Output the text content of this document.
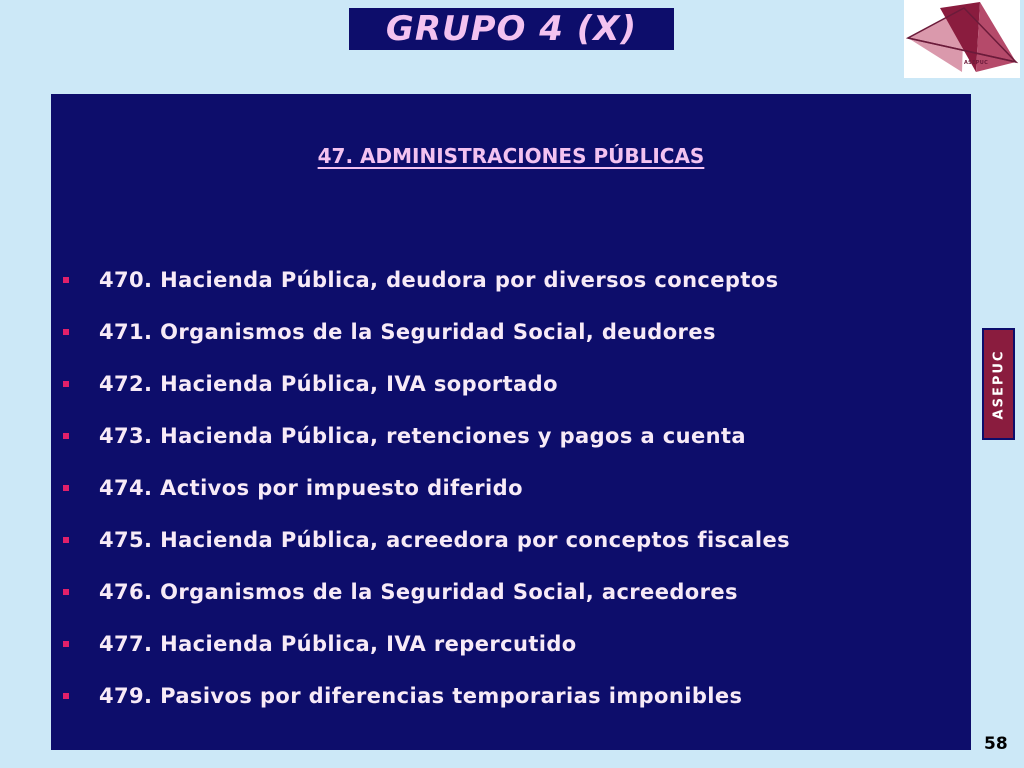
GRUPO 4 (X)
ASEPUC
47. ADMINISTRACIONES PÚBLICAS
470. Hacienda Pública, deudora por diversos conceptos
471. Organismos de la Seguridad Social, deudores
472. Hacienda Pública, IVA soportado
473. Hacienda Pública, retenciones y pagos a cuenta
474. Activos por impuesto diferido
475. Hacienda Pública, acreedora por conceptos fiscales
476. Organismos de la Seguridad Social, acreedores
477. Hacienda Pública, IVA repercutido
479. Pasivos por diferencias temporarias imponibles
ASEPUC
58
